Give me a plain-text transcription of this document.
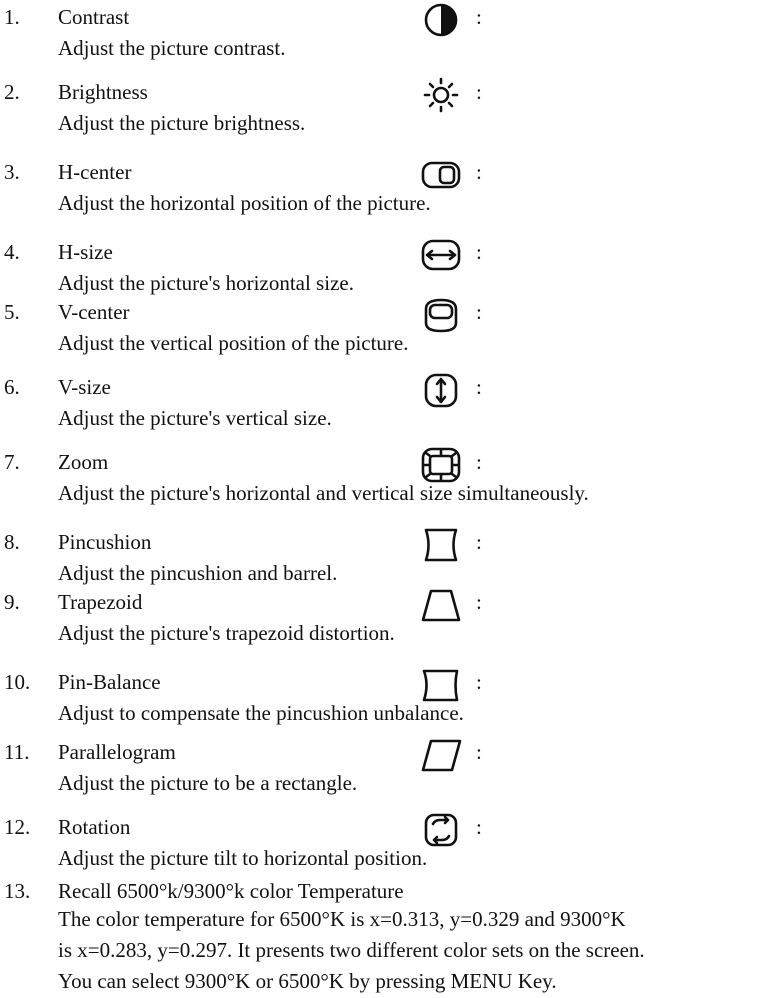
1. Contrast	:
Adjust the picture contrast.
2. Brightness	:
Adjust the picture brightness.
3. H-center	:
Adjust the horizontal position of the picture.
4. H-size	:
Adjust the picture's horizontal size.
5. V-center	:
Adjust the vertical position of the picture.
6. V-size	:
Adjust the picture's vertical size.
7. Zoom	:
Adjust the picture's horizontal and vertical size simultaneously.
8. Pincushion	:
Adjust the pincushion and barrel.
9. Trapezoid	:
Adjust the picture's trapezoid distortion.
10. Pin-Balance	:
Adjust to compensate the pincushion unbalance.
11. Parallelogram	:
Adjust the picture to be a rectangle.
12. Rotation	:
Adjust the picture tilt to horizontal position.
13. Recall 6500°k/9300°k color Temperature
The color temperature for 6500°K is x=0.313, y=0.329 and 9300°K
is x=0.283, y=0.297. It presents two different color sets on the screen.
You can select 9300°K or 6500°K by pressing MENU Key.
